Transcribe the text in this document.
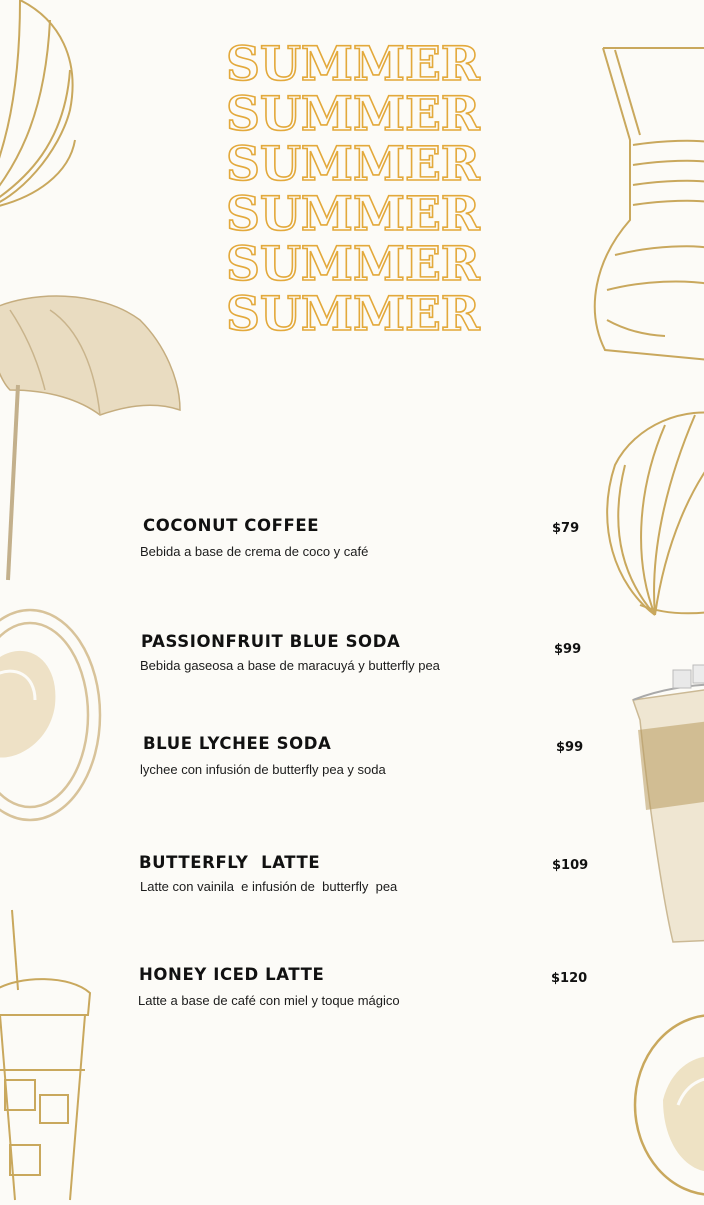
SUMMER
SUMMER
SUMMER
SUMMER
SUMMER
SUMMER
COCONUT COFFEE
Bebida a base de crema de coco y café
$79
PASSIONFRUIT BLUE SODA
Bebida gaseosa a base de maracuyá y butterfly pea
$99
BLUE LYCHEE SODA
lychee con infusión de butterfly pea y soda
$99
BUTTERFLY  LATTE
Latte con vainila  e infusión de  butterfly  pea
$109
HONEY ICED LATTE
Latte a base de café con miel y toque mágico
$120
